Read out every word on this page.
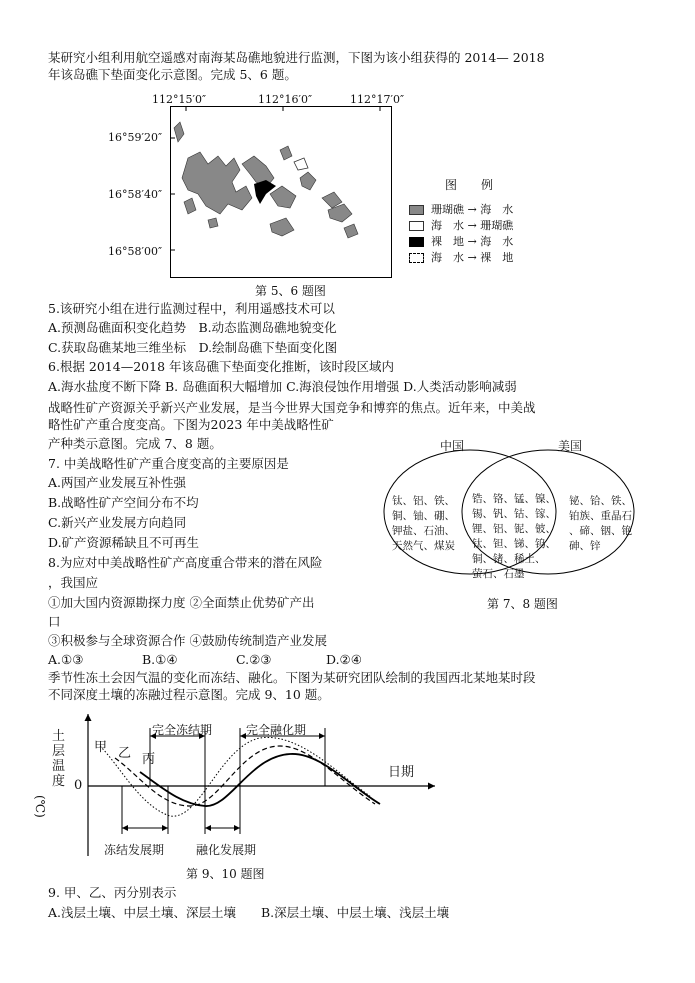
某研究小组利用航空遥感对南海某岛礁地貌进行监测，下图为该小组获得的 2014— 2018
年该岛礁下垫面变化示意图。完成 5、6 题。
112°15′0″	112°16′0″	112°17′0″
16°59′20″
16°58′40″
16°58′00″
图　　例
珊瑚礁 → 海　水
海　水 → 珊瑚礁
裸　地 → 海　水
海　水 → 裸　地
第 5、6 题图
5.该研究小组在进行监测过程中，利用遥感技术可以
A.预测岛礁面积变化趋势　B.动态监测岛礁地貌变化
C.获取岛礁某地三维坐标　D.绘制岛礁下垫面变化图
6.根据 2014—2018 年该岛礁下垫面变化推断，该时段区域内
A.海水盐度不断下降 B. 岛礁面积大幅增加 C.海浪侵蚀作用增强 D.人类活动影响减弱
战略性矿产资源关乎新兴产业发展，是当今世界大国竞争和博弈的焦点。近年来，中美战
略性矿产重合度变高。下图为2023 年中美战略性矿
产种类示意图。完成 7、8 题。	中国	美国
钛、铝、铁、
铜、铀、硼、
钾盐、石油、
天然气、煤炭
锆、铬、锰、镍、
锡、钒、钴、镓、
锂、铝、铌、铍、
钛、钽、锑、钨、
铜、锗、稀土、
萤石、石墨
铋、铪、铁、
铂族、重晶石
、碲、铟、铯
砷、锌
第 7、8 题图
7. 中美战略性矿产重合度变高的主要原因是
A.两国产业发展互补性强
B.战略性矿产空间分布不均
C.新兴产业发展方向趋同
D.矿产资源稀缺且不可再生
8.为应对中美战略性矿产高度重合带来的潜在风险
，我国应
①加大国内资源勘探力度 ②全面禁止优势矿产出
口
③积极参与全球资源合作 ④鼓励传统制造产业发展
A.①③	B.①④	C.②③	D.②④
季节性冻土会因气温的变化而冻结、融化。下图为某研究团队绘制的我国西北某地某时段
不同深度土壤的冻融过程示意图。完成 9、10 题。
土
层
温
度
(℃)
0
日期
甲 乙 丙
完全冻结期	完全融化期
冻结发展期	融化发展期
第 9、10 题图
9. 甲、乙、丙分别表示
A.浅层土壤、中层土壤、深层土壤　　B.深层土壤、中层土壤、浅层土壤
